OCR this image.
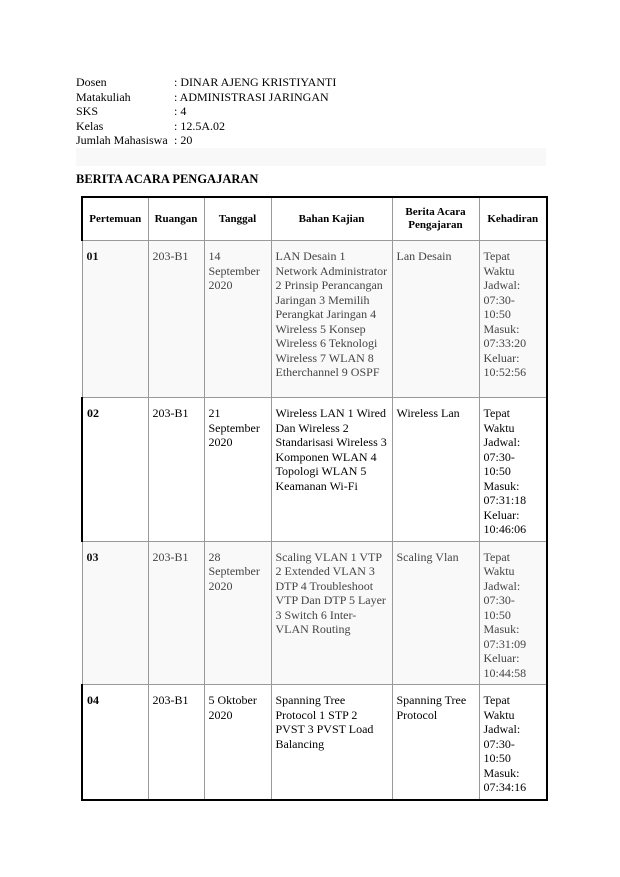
Dosen	: DINAR AJENG KRISTIYANTI
Matakuliah	: ADMINISTRASI JARINGAN
SKS	: 4
Kelas	: 12.5A.02
Jumlah Mahasiswa : 20
BERITA ACARA PENGAJARAN
Pertemuan	Ruangan	Tanggal	Bahan Kajian	Berita Acara Pengajaran	Kehadiran
01	203-B1	14 September 2020	LAN Desain 1 Network Administrator 2 Prinsip Perancangan Jaringan 3 Memilih Perangkat Jaringan 4 Wireless 5 Konsep Wireless 6 Teknologi Wireless 7 WLAN 8 Etherchannel 9 OSPF	Lan Desain	Tepat Waktu Jadwal: 07:30- 10:50 Masuk: 07:33:20 Keluar: 10:52:56
02	203-B1	21 September 2020	Wireless LAN 1 Wired Dan Wireless 2 Standarisasi Wireless 3 Komponen WLAN 4 Topologi WLAN 5 Keamanan Wi-Fi	Wireless Lan	Tepat Waktu Jadwal: 07:30- 10:50 Masuk: 07:31:18 Keluar: 10:46:06
03	203-B1	28 September 2020	Scaling VLAN 1 VTP 2 Extended VLAN 3 DTP 4 Troubleshoot VTP Dan DTP 5 Layer 3 Switch 6 Inter-VLAN Routing	Scaling Vlan	Tepat Waktu Jadwal: 07:30- 10:50 Masuk: 07:31:09 Keluar: 10:44:58
04	203-B1	5 Oktober 2020	Spanning Tree Protocol 1 STP 2 PVST 3 PVST Load Balancing	Spanning Tree Protocol	Tepat Waktu Jadwal: 07:30- 10:50 Masuk: 07:34:16
